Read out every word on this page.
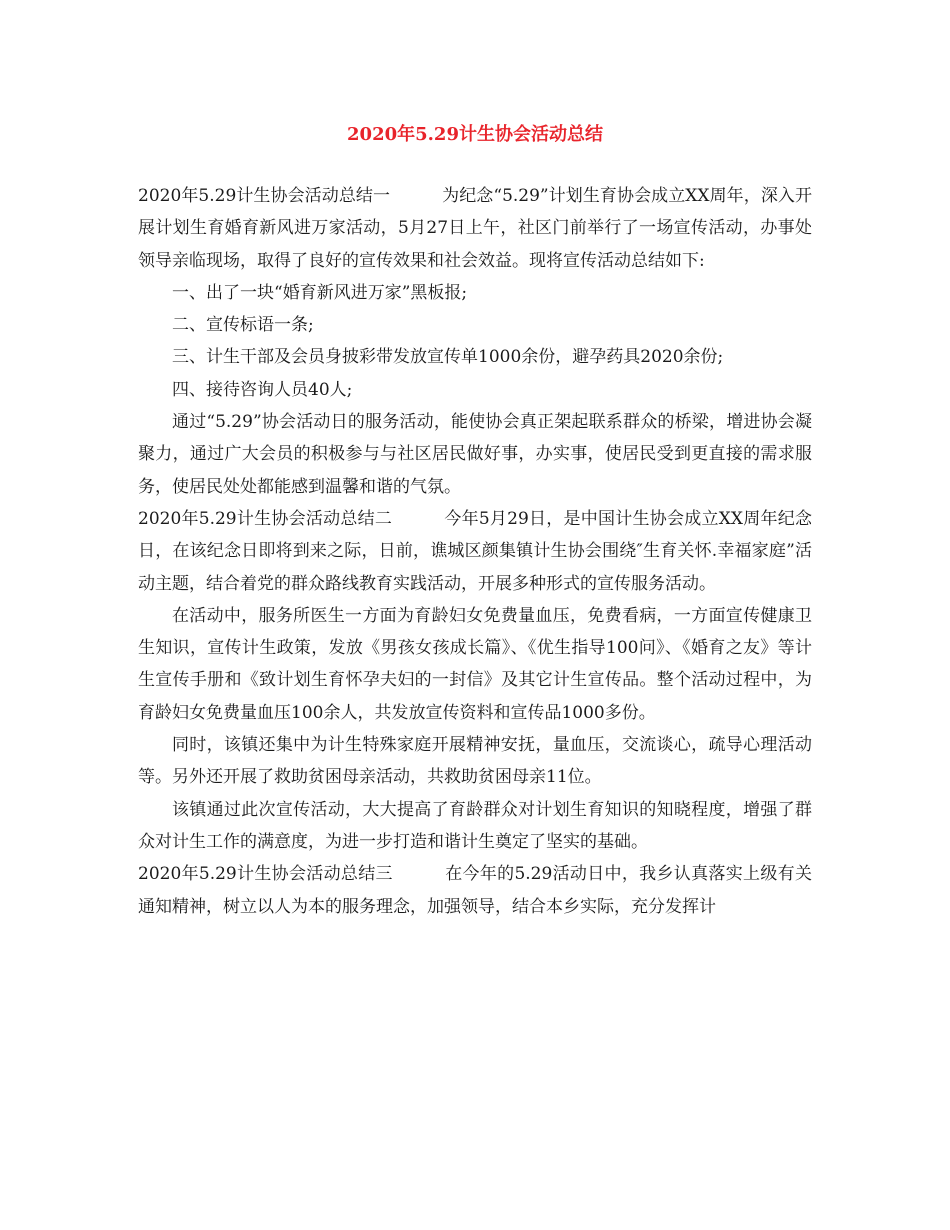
2020年5.29计生协会活动总结

2020年5.29计生协会活动总结一	为纪念“5.29”计划生育协会成立XX周年，深入开展计划生育婚育新风进万家活动，5月27日上午，社区门前举行了一场宣传活动，办事处领导亲临现场，取得了良好的宣传效果和社会效益。现将宣传活动总结如下:

一、出了一块“婚育新风进万家”黑板报;

二、宣传标语一条;

三、计生干部及会员身披彩带发放宣传单1000余份，避孕药具2020余份;

四、接待咨询人员40人;

通过“5.29”协会活动日的服务活动，能使协会真正架起联系群众的桥梁，增进协会凝聚力，通过广大会员的积极参与与社区居民做好事，办实事，使居民受到更直接的需求服务，使居民处处都能感到温馨和谐的气氛。

2020年5.29计生协会活动总结二	今年5月29日，是中国计生协会成立XX周年纪念日，在该纪念日即将到来之际，日前，谯城区颜集镇计生协会围绕″生育关怀.幸福家庭”活动主题，结合着党的群众路线教育实践活动，开展多种形式的宣传服务活动。

在活动中，服务所医生一方面为育龄妇女免费量血压，免费看病，一方面宣传健康卫生知识，宣传计生政策，发放《男孩女孩成长篇》、《优生指导100问》、《婚育之友》等计生宣传手册和《致计划生育怀孕夫妇的一封信》及其它计生宣传品。整个活动过程中，为育龄妇女免费量血压100余人，共发放宣传资料和宣传品1000多份。

同时，该镇还集中为计生特殊家庭开展精神安抚，量血压，交流谈心，疏导心理活动等。另外还开展了救助贫困母亲活动，共救助贫困母亲11位。

该镇通过此次宣传活动，大大提高了育龄群众对计划生育知识的知晓程度，增强了群众对计生工作的满意度，为进一步打造和谐计生奠定了坚实的基础。

2020年5.29计生协会活动总结三	在今年的5.29活动日中，我乡认真落实上级有关通知精神，树立以人为本的服务理念，加强领导，结合本乡实际，充分发挥计
